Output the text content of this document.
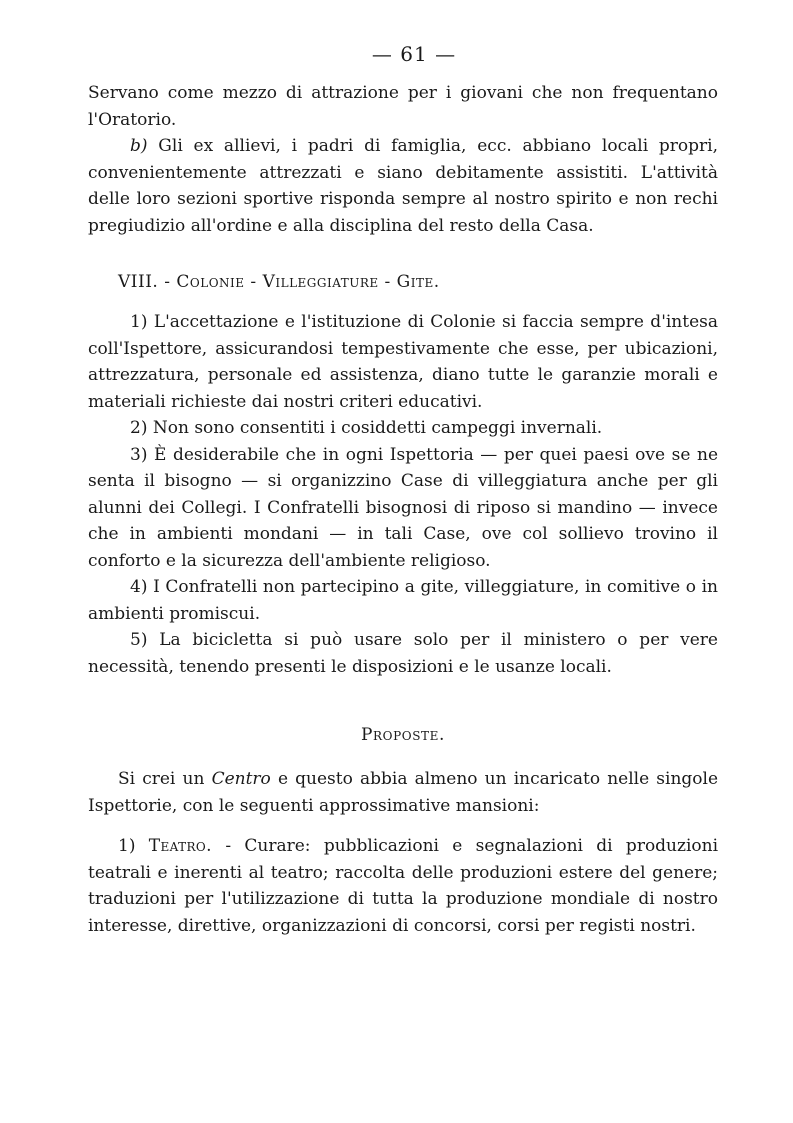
— 61 —

Servano come mezzo di attrazione per i giovani che non frequentano l'Oratorio.

b) Gli ex allievi, i padri di famiglia, ecc. abbiano locali propri, convenientemente attrezzati e siano debitamente assistiti. L'attività delle loro sezioni sportive risponda sempre al nostro spirito e non rechi pregiudizio all'ordine e alla disciplina del resto della Casa.

VIII. - Colonie - Villeggiature - Gite.

1) L'accettazione e l'istituzione di Colonie si faccia sempre d'intesa coll'Ispettore, assicurandosi tempestivamente che esse, per ubicazioni, attrezzatura, personale ed assistenza, diano tutte le garanzie morali e materiali richieste dai nostri criteri educativi.

2) Non sono consentiti i cosiddetti campeggi invernali.

3) È desiderabile che in ogni Ispettoria — per quei paesi ove se ne senta il bisogno — si organizzino Case di villeggiatura anche per gli alunni dei Collegi. I Confratelli bisognosi di riposo si mandino — invece che in ambienti mondani — in tali Case, ove col sollievo trovino il conforto e la sicurezza dell'ambiente religioso.

4) I Confratelli non partecipino a gite, villeggiature, in comitive o in ambienti promiscui.

5) La bicicletta si può usare solo per il ministero o per vere necessità, tenendo presenti le disposizioni e le usanze locali.

Proposte.

Si crei un Centro e questo abbia almeno un incaricato nelle singole Ispettorie, con le seguenti approssimative mansioni:

1) Teatro. - Curare: pubblicazioni e segnalazioni di produzioni teatrali e inerenti al teatro; raccolta delle produzioni estere del genere; traduzioni per l'utilizzazione di tutta la produzione mondiale di nostro interesse, direttive, organizzazioni di concorsi, corsi per registi nostri.
